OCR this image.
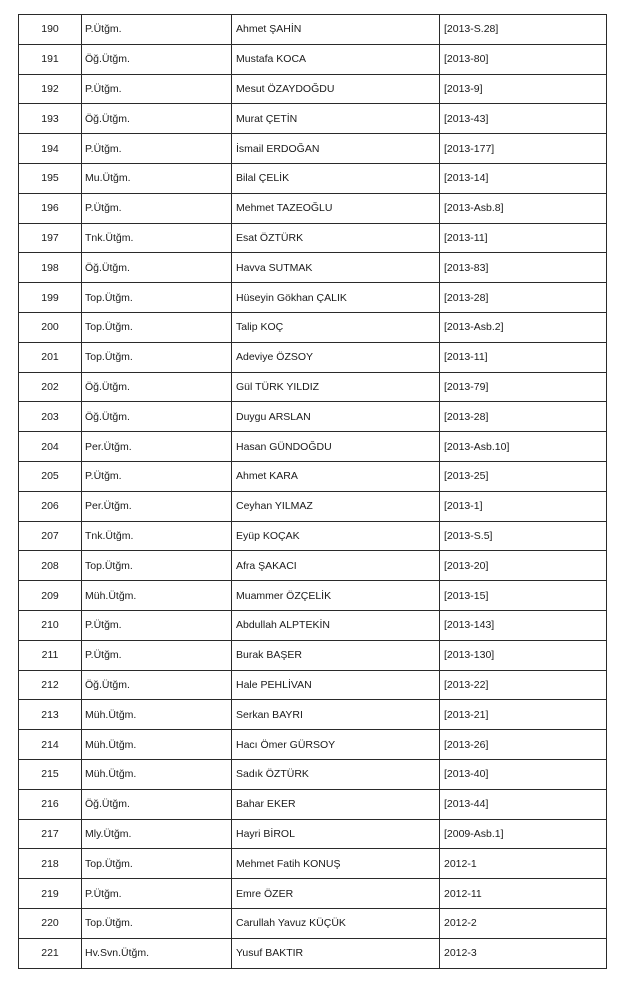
190	P.Ütğm.	Ahmet ŞAHİN	[2013-S.28]
191	Öğ.Ütğm.	Mustafa KOCA	[2013-80]
192	P.Ütğm.	Mesut ÖZAYDOĞDU	[2013-9]
193	Öğ.Ütğm.	Murat ÇETİN	[2013-43]
194	P.Ütğm.	İsmail ERDOĞAN	[2013-177]
195	Mu.Ütğm.	Bilal ÇELİK	[2013-14]
196	P.Ütğm.	Mehmet TAZEOĞLU	[2013-Asb.8]
197	Tnk.Ütğm.	Esat ÖZTÜRK	[2013-11]
198	Öğ.Ütğm.	Havva SUTMAK	[2013-83]
199	Top.Ütğm.	Hüseyin Gökhan ÇALIK	[2013-28]
200	Top.Ütğm.	Talip KOÇ	[2013-Asb.2]
201	Top.Ütğm.	Adeviye ÖZSOY	[2013-11]
202	Öğ.Ütğm.	Gül TÜRK YILDIZ	[2013-79]
203	Öğ.Ütğm.	Duygu ARSLAN	[2013-28]
204	Per.Ütğm.	Hasan GÜNDOĞDU	[2013-Asb.10]
205	P.Ütğm.	Ahmet KARA	[2013-25]
206	Per.Ütğm.	Ceyhan YILMAZ	[2013-1]
207	Tnk.Ütğm.	Eyüp KOÇAK	[2013-S.5]
208	Top.Ütğm.	Afra ŞAKACI	[2013-20]
209	Müh.Ütğm.	Muammer ÖZÇELİK	[2013-15]
210	P.Ütğm.	Abdullah ALPTEKİN	[2013-143]
211	P.Ütğm.	Burak BAŞER	[2013-130]
212	Öğ.Ütğm.	Hale PEHLİVAN	[2013-22]
213	Müh.Ütğm.	Serkan BAYRI	[2013-21]
214	Müh.Ütğm.	Hacı Ömer GÜRSOY	[2013-26]
215	Müh.Ütğm.	Sadık ÖZTÜRK	[2013-40]
216	Öğ.Ütğm.	Bahar EKER	[2013-44]
217	Mly.Ütğm.	Hayri BİROL	[2009-Asb.1]
218	Top.Ütğm.	Mehmet Fatih KONUŞ	2012-1
219	P.Ütğm.	Emre ÖZER	2012-11
220	Top.Ütğm.	Carullah Yavuz KÜÇÜK	2012-2
221	Hv.Svn.Ütğm.	Yusuf BAKTIR	2012-3
